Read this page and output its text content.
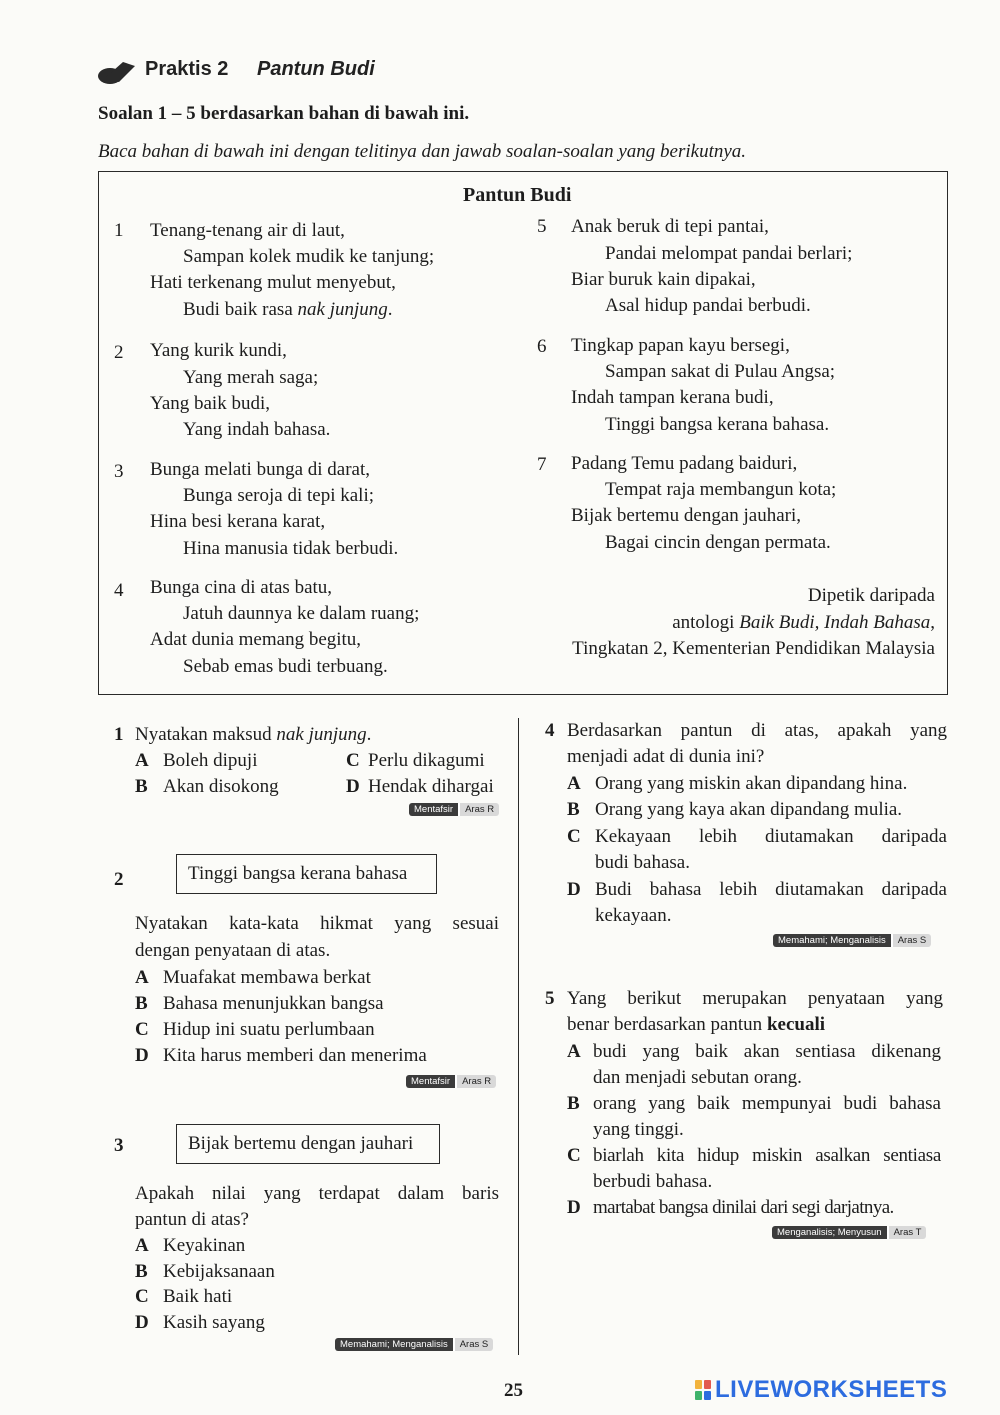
Praktis 2 Pantun Budi
Soalan 1 – 5 berdasarkan bahan di bawah ini.
Baca bahan di bawah ini dengan telitinya dan jawab soalan-soalan yang berikutnya.
Pantun Budi
1 Tenang-tenang air di laut,
Sampan kolek mudik ke tanjung;
Hati terkenang mulut menyebut,
Budi baik rasa nak junjung.
2 Yang kurik kundi,
Yang merah saga;
Yang baik budi,
Yang indah bahasa.
3 Bunga melati bunga di darat,
Bunga seroja di tepi kali;
Hina besi kerana karat,
Hina manusia tidak berbudi.
4 Bunga cina di atas batu,
Jatuh daunnya ke dalam ruang;
Adat dunia memang begitu,
Sebab emas budi terbuang.
5 Anak beruk di tepi pantai,
Pandai melompat pandai berlari;
Biar buruk kain dipakai,
Asal hidup pandai berbudi.
6 Tingkap papan kayu bersegi,
Sampan sakat di Pulau Angsa;
Indah tampan kerana budi,
Tinggi bangsa kerana bahasa.
7 Padang Temu padang baiduri,
Tempat raja membangun kota;
Bijak bertemu dengan jauhari,
Bagai cincin dengan permata.
Dipetik daripada
antologi Baik Budi, Indah Bahasa,
Tingkatan 2, Kementerian Pendidikan Malaysia
1 Nyatakan maksud nak junjung.
A Boleh dipuji
B Akan disokong
C Perlu dikagumi
D Hendak dihargai
Mentafsir	Aras R
2	Tinggi bangsa kerana bahasa
Nyatakan kata-kata hikmat yang sesuai
dengan penyataan di atas.
A Muafakat membawa berkat
B Bahasa menunjukkan bangsa
C Hidup ini suatu perlumbaan
D Kita harus memberi dan menerima
Mentafsir	Aras R
3	Bijak bertemu dengan jauhari
Apakah nilai yang terdapat dalam baris
pantun di atas?
A Keyakinan
B Kebijaksanaan
C Baik hati
D Kasih sayang
Memahami; Menganalisis	Aras S
4 Berdasarkan pantun di atas, apakah yang
menjadi adat di dunia ini?
A Orang yang miskin akan dipandang hina.
B Orang yang kaya akan dipandang mulia.
C Kekayaan lebih diutamakan daripada
budi bahasa.
D Budi bahasa lebih diutamakan daripada
kekayaan.
Memahami; Menganalisis	Aras S
5 Yang berikut merupakan penyataan yang
benar berdasarkan pantun kecuali
A budi yang baik akan sentiasa dikenang
dan menjadi sebutan orang.
B orang yang baik mempunyai budi bahasa
yang tinggi.
C biarlah kita hidup miskin asalkan sentiasa
berbudi bahasa.
D martabat bangsa dinilai dari segi darjatnya.
Menganalisis; Menyusun	Aras T
25	LIVEWORKSHEETS
